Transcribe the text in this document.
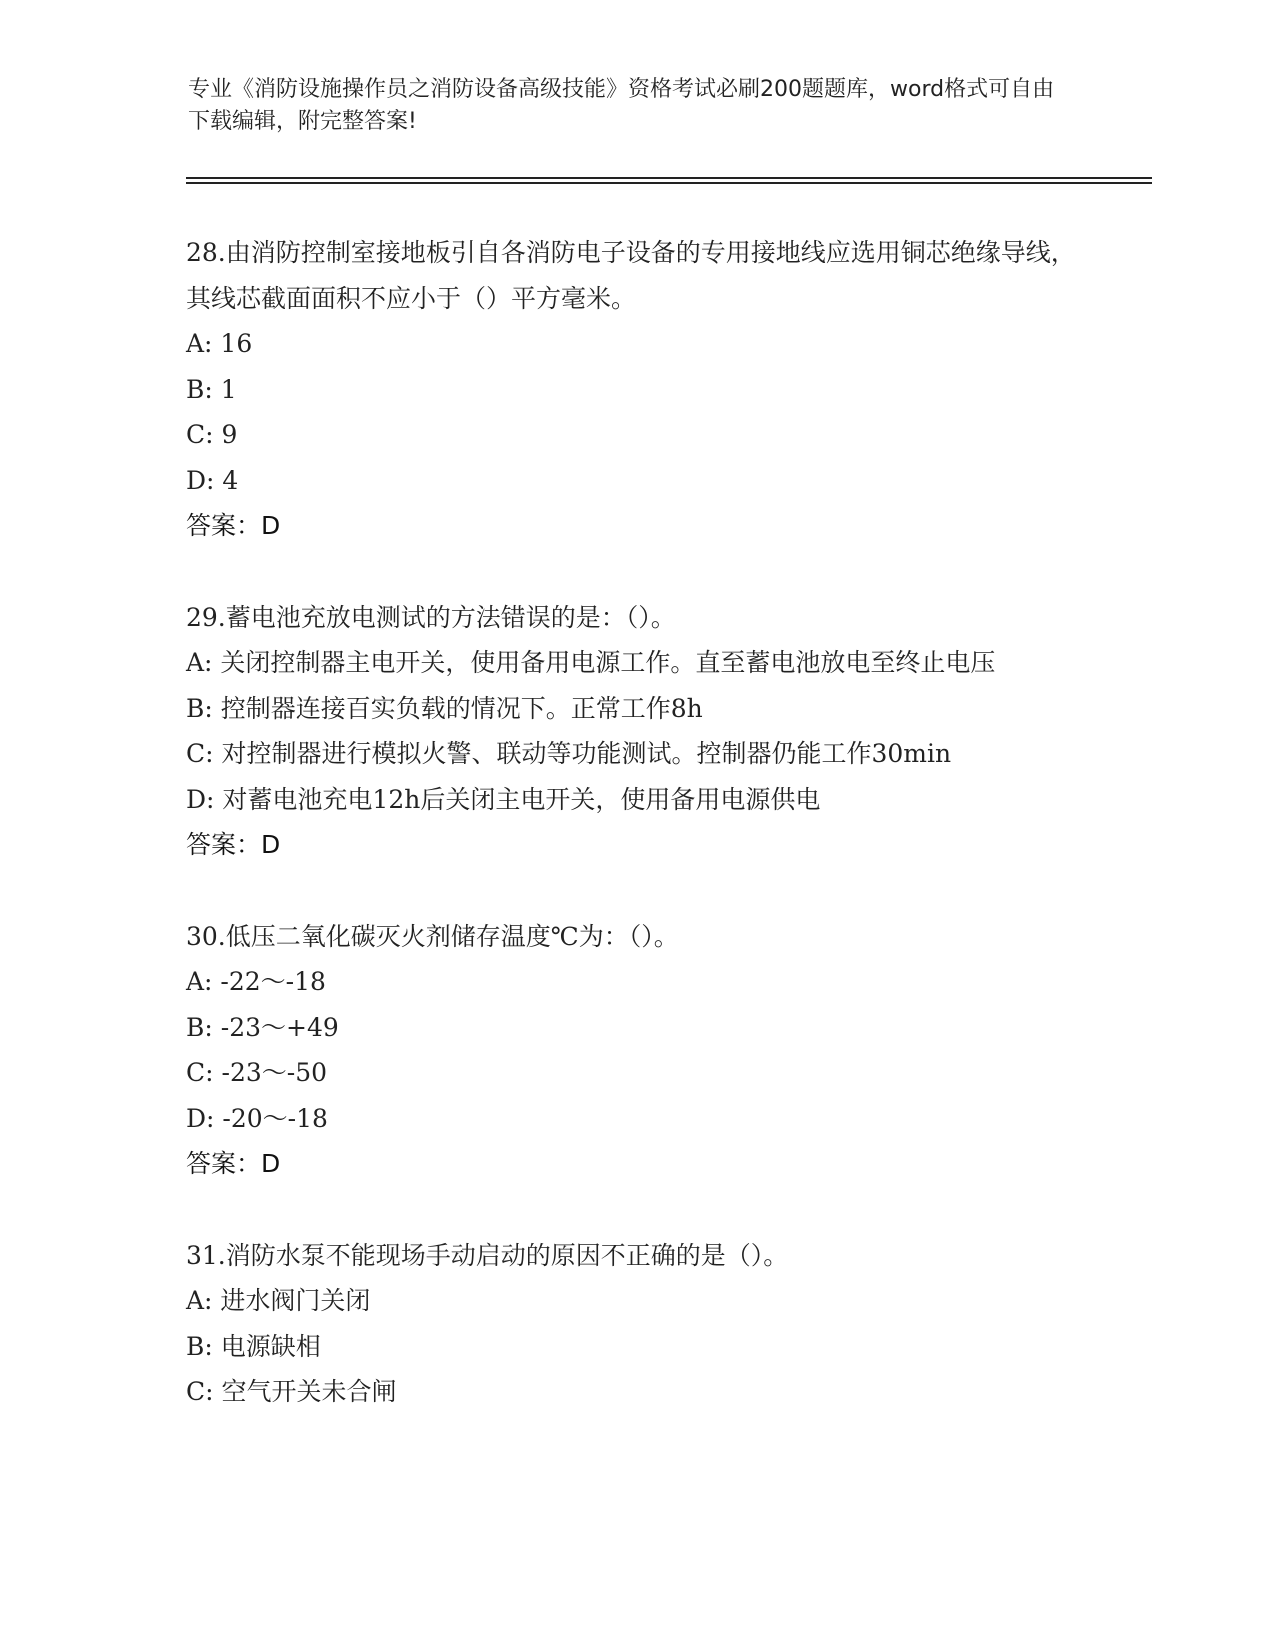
专业《消防设施操作员之消防设备高级技能》资格考试必刷200题题库，word格式可自由下载编辑，附完整答案!
28.由消防控制室接地板引自各消防电子设备的专用接地线应选用铜芯绝缘导线，其线芯截面面积不应小于（）平方毫米。
A: 16
B: 1
C: 9
D: 4
答案：D
29.蓄电池充放电测试的方法错误的是：（）。
A: 关闭控制器主电开关，使用备用电源工作。直至蓄电池放电至终止电压
B: 控制器连接百实负载的情况下。正常工作8h
C: 对控制器进行模拟火警、联动等功能测试。控制器仍能工作30min
D: 对蓄电池充电12h后关闭主电开关，使用备用电源供电
答案：D
30.低压二氧化碳灭火剂储存温度℃为：（）。
A: -22～-18
B: -23～+49
C: -23～-50
D: -20～-18
答案：D
31.消防水泵不能现场手动启动的原因不正确的是（）。
A: 进水阀门关闭
B: 电源缺相
C: 空气开关未合闸
